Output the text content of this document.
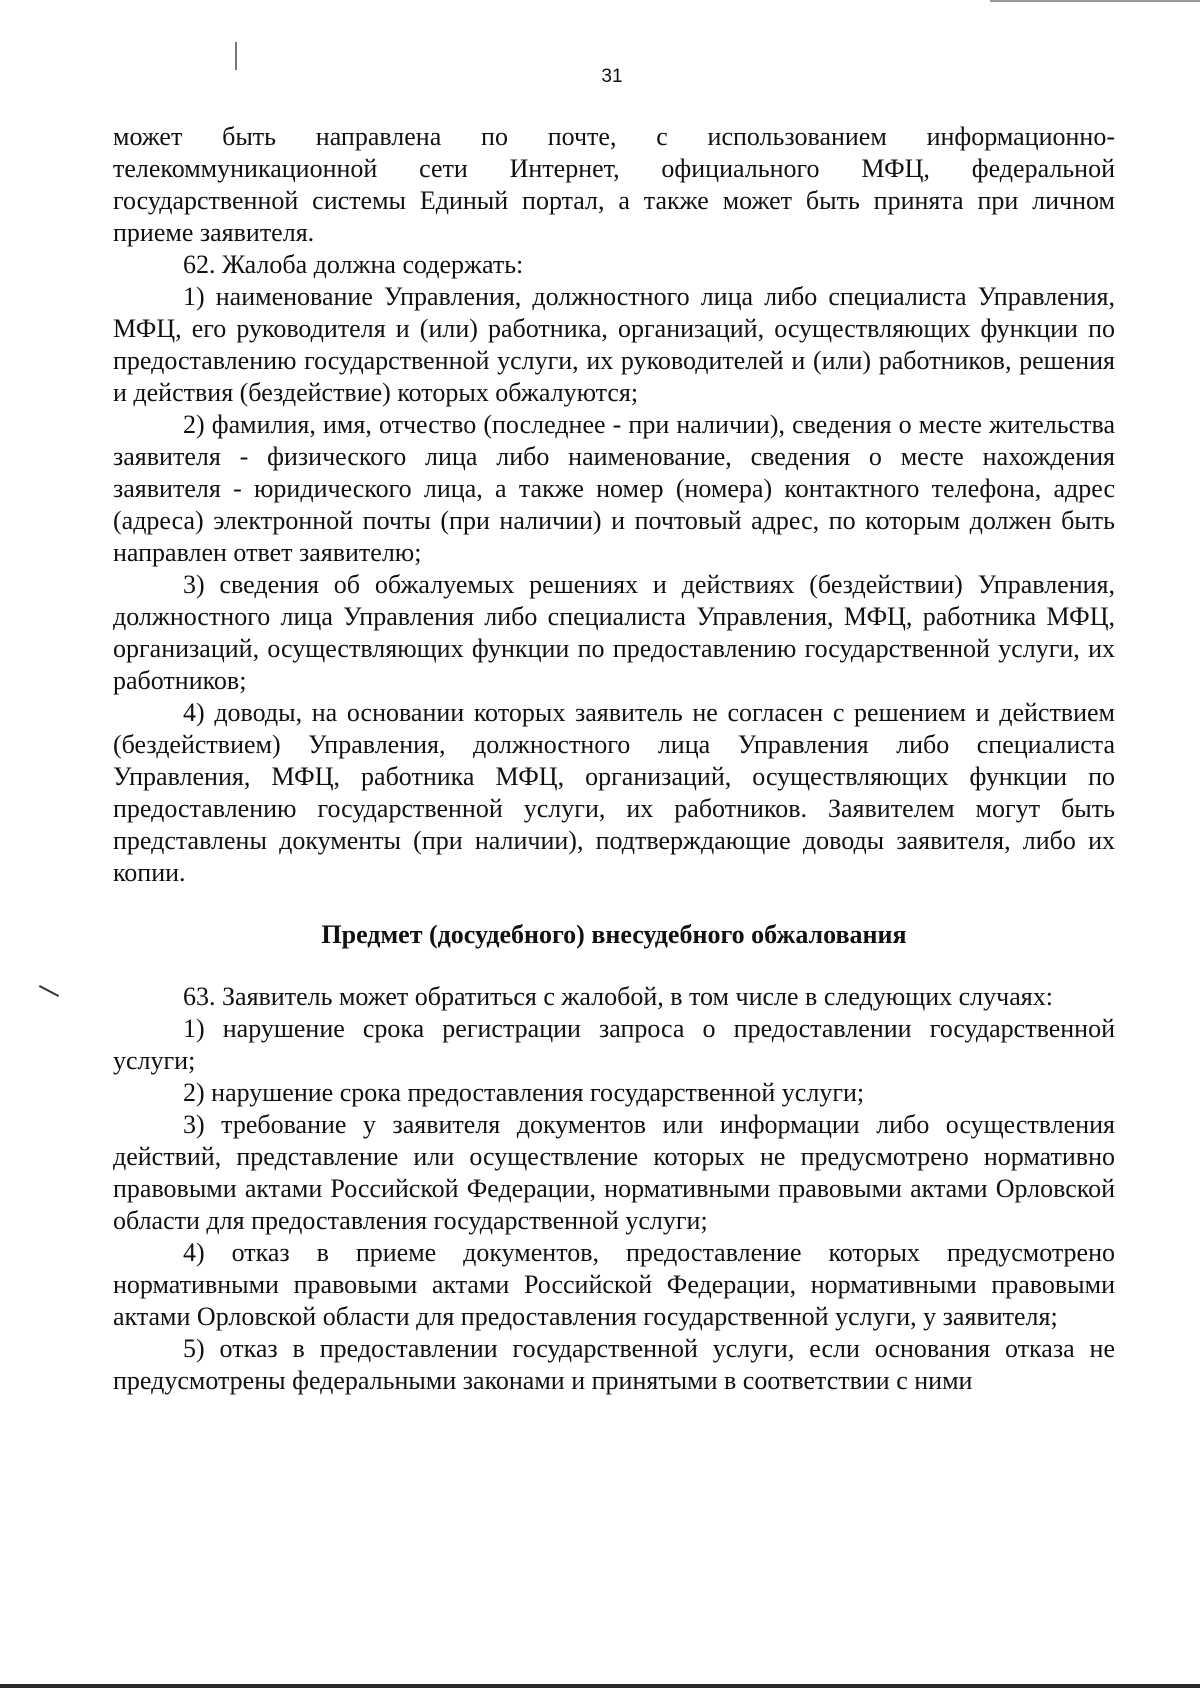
31

может быть направлена по почте, с использованием информационно-телекоммуникационной сети Интернет, официального МФЦ, федеральной государственной системы Единый портал, а также может быть принята при личном приеме заявителя.

62. Жалоба должна содержать:

1) наименование Управления, должностного лица либо специалиста Управления, МФЦ, его руководителя и (или) работника, организаций, осуществляющих функции по предоставлению государственной услуги, их руководителей и (или) работников, решения и действия (бездействие) которых обжалуются;

2) фамилия, имя, отчество (последнее - при наличии), сведения о месте жительства заявителя - физического лица либо наименование, сведения о месте нахождения заявителя - юридического лица, а также номер (номера) контактного телефона, адрес (адреса) электронной почты (при наличии) и почтовый адрес, по которым должен быть направлен ответ заявителю;

3) сведения об обжалуемых решениях и действиях (бездействии) Управления, должностного лица Управления либо специалиста Управления, МФЦ, работника МФЦ, организаций, осуществляющих функции по предоставлению государственной услуги, их работников;

4) доводы, на основании которых заявитель не согласен с решением и действием (бездействием) Управления, должностного лица Управления либо специалиста Управления, МФЦ, работника МФЦ, организаций, осуществляющих функции по предоставлению государственной услуги, их работников. Заявителем могут быть представлены документы (при наличии), подтверждающие доводы заявителя, либо их копии.

Предмет (досудебного) внесудебного обжалования

63. Заявитель может обратиться с жалобой, в том числе в следующих случаях:

1) нарушение срока регистрации запроса о предоставлении государственной услуги;

2) нарушение срока предоставления государственной услуги;

3) требование у заявителя документов или информации либо осуществления действий, представление или осуществление которых не предусмотрено нормативно правовыми актами Российской Федерации, нормативными правовыми актами Орловской области для предоставления государственной услуги;

4) отказ в приеме документов, предоставление которых предусмотрено нормативными правовыми актами Российской Федерации, нормативными правовыми актами Орловской области для предоставления государственной услуги, у заявителя;

5) отказ в предоставлении государственной услуги, если основания отказа не предусмотрены федеральными законами и принятыми в соответствии с ними
